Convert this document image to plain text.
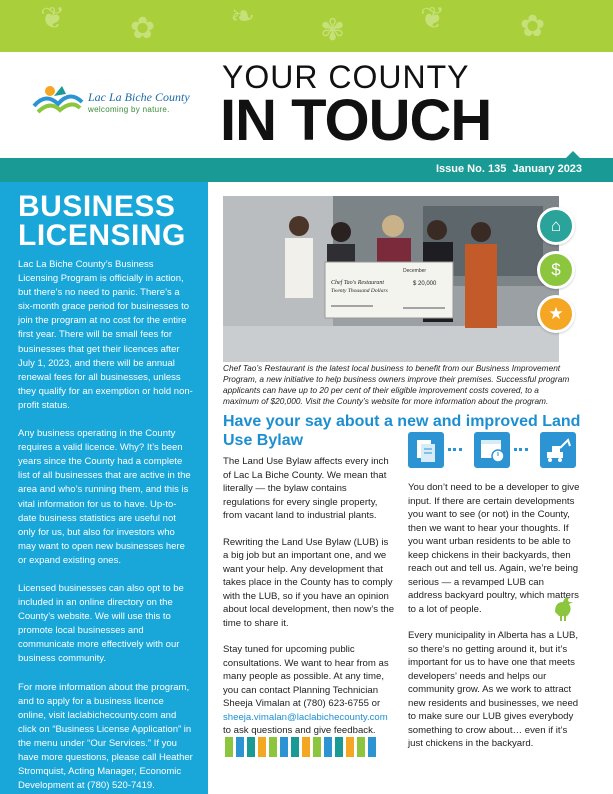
❦ ✿ ❧ ✾ ❦ ✿
Lac La Biche County
welcoming by nature.
YOUR COUNTY
IN TOUCH
Issue No. 135 January 2023
BUSINESS
LICENSING

Lac La Biche County’s Business Licensing Program is officially in action, but there’s no need to panic. There’s a six-month grace period for businesses to join the program at no cost for the entire first year. There will be small fees for businesses that get their licences after July 1, 2023, and there will be annual renewal fees for all businesses, unless they qualify for an exemption or hold non-profit status.

Any business operating in the County requires a valid licence. Why? It’s been years since the County had a complete list of all businesses that are active in the area and who’s running them, and this is vital information for us to have. Up-to-date business statistics are useful not only for us, but also for investors who may want to open new businesses here or expand existing ones.

Licensed businesses can also opt to be included in an online directory on the County’s website. We will use this to promote local businesses and communicate more effectively with our business community.

For more information about the program, and to apply for a business licence online, visit laclabichecounty.com and click on “Business License Application” in the menu under “Our Services.” If you have more questions, please call Heather Stromquist, Acting Manager, Economic Development at (780) 520-7419.

December
Chef Tao's Restaurant
Twenty Thousand Dollars
$ 20,000
⌂
$
★
Chef Tao’s Restaurant is the latest local business to benefit from our Business Improvement Program, a new initiative to help business owners improve their premises. Successful program applicants can have up to 20 per cent of their eligible improvement costs covered, to a maximum of $20,000. Visit the County’s website for more information about the program.
Have your say about a new and improved Land Use Bylaw

The Land Use Bylaw affects every inch of Lac La Biche County. We mean that literally — the bylaw contains regulations for every single property, from vacant land to industrial plants.

Rewriting the Land Use Bylaw (LUB) is a big job but an important one, and we want your help. Any development that takes place in the County has to comply with the LUB, so if you have an opinion about local development, then now’s the time to share it.

Stay tuned for upcoming public consultations. We want to hear from as many people as possible. At any time, you can contact Planning Technician Sheeja Vimalan at (780) 623-6755 or sheeja.vimalan@laclabichecounty.com to ask questions and give feedback.

You don’t need to be a developer to give input. If there are certain developments you want to see (or not) in the County, then we want to hear your thoughts. If you want urban residents to be able to keep chickens in their backyards, then reach out and tell us. Again, we’re being serious — a revamped LUB can address backyard poultry, which matters to a lot of people.

Every municipality in Alberta has a LUB, so there’s no getting around it, but it’s important for us to have one that meets developers’ needs and helps our community grow. As we work to attract new residents and businesses, we need to make sure our LUB gives everybody something to crow about… even if it’s just chickens in the backyard.
